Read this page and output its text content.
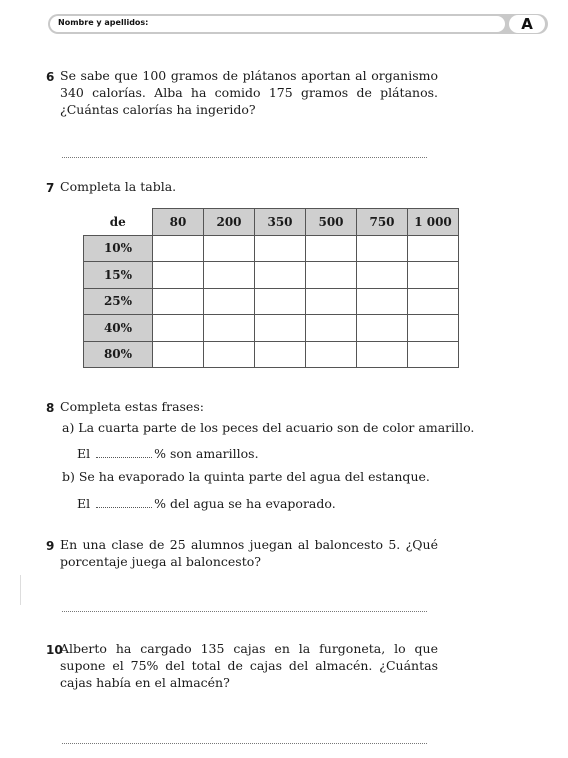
Nombre y apellidos:	A
6 Se sabe que 100 gramos de plátanos aportan al organismo 340 calorías. Alba ha comido 175 gramos de plátanos. ¿Cuántas calorías ha ingerido?
7 Completa la tabla.
de	80	200	350	500	750	1 000
10%						
15%						
25%						
40%						
80%						
8 Completa estas frases:
a) La cuarta parte de los peces del acuario son de color amarillo.
El	% son amarillos.
b) Se ha evaporado la quinta parte del agua del estanque.
El	% del agua se ha evaporado.
9 En una clase de 25 alumnos juegan al baloncesto 5. ¿Qué porcentaje juega al baloncesto?
10
Alberto ha cargado 135 cajas en la furgoneta, lo que supone el 75% del total de cajas del almacén. ¿Cuántas cajas había en el almacén?
